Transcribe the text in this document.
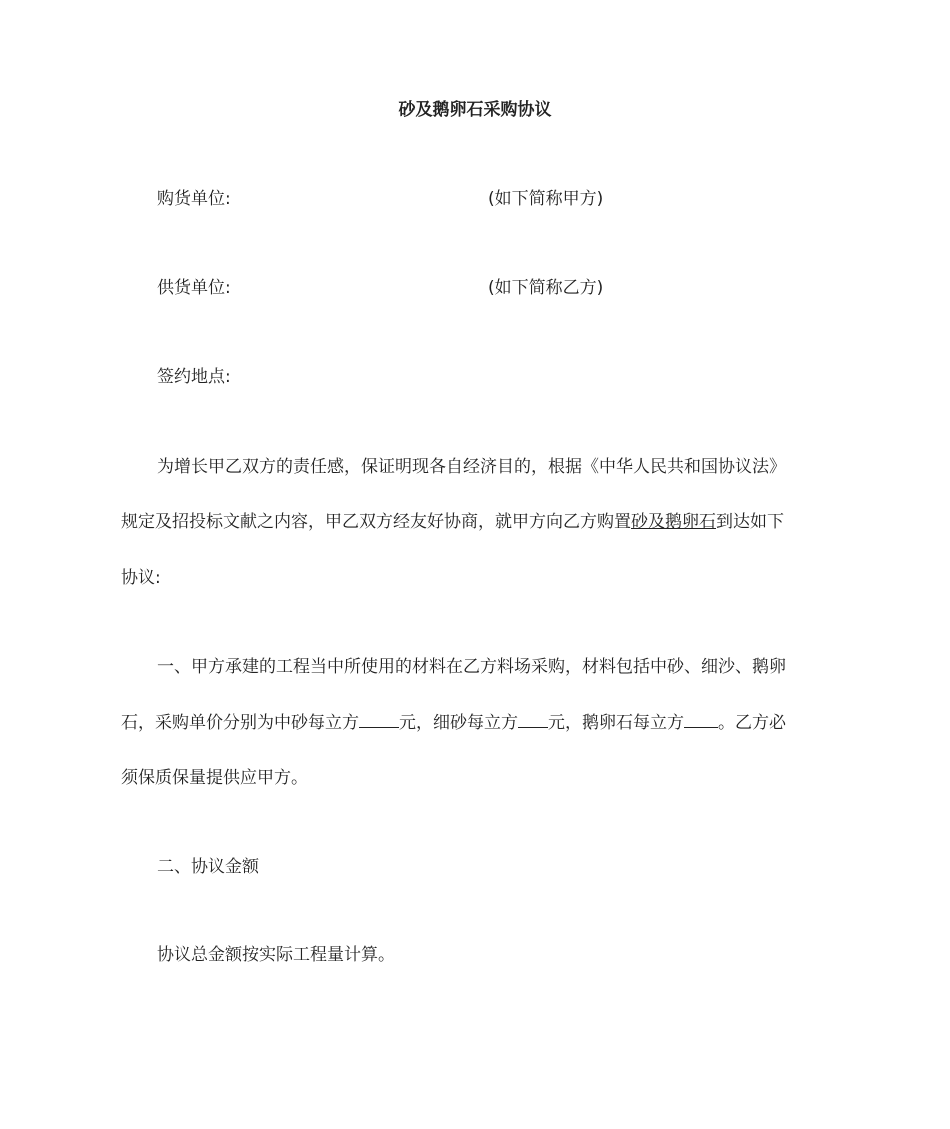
砂及鹅卵石采购协议
购货单位:	(如下简称甲方)
供货单位:	(如下简称乙方)
签约地点:
为增长甲乙双方的责任感，保证明现各自经济目的，根据《中华人民共和国协议法》
规定及招投标文献之内容，甲乙双方经友好协商，就甲方向乙方购置砂及鹅卵石到达如下
协议:
一、甲方承建的工程当中所使用的材料在乙方料场采购，材料包括中砂、细沙、鹅卵
石，采购单价分别为中砂每立方 元，细砂每立方 元，鹅卵石每立方 。乙方必
须保质保量提供应甲方。
二、协议金额
协议总金额按实际工程量计算。
